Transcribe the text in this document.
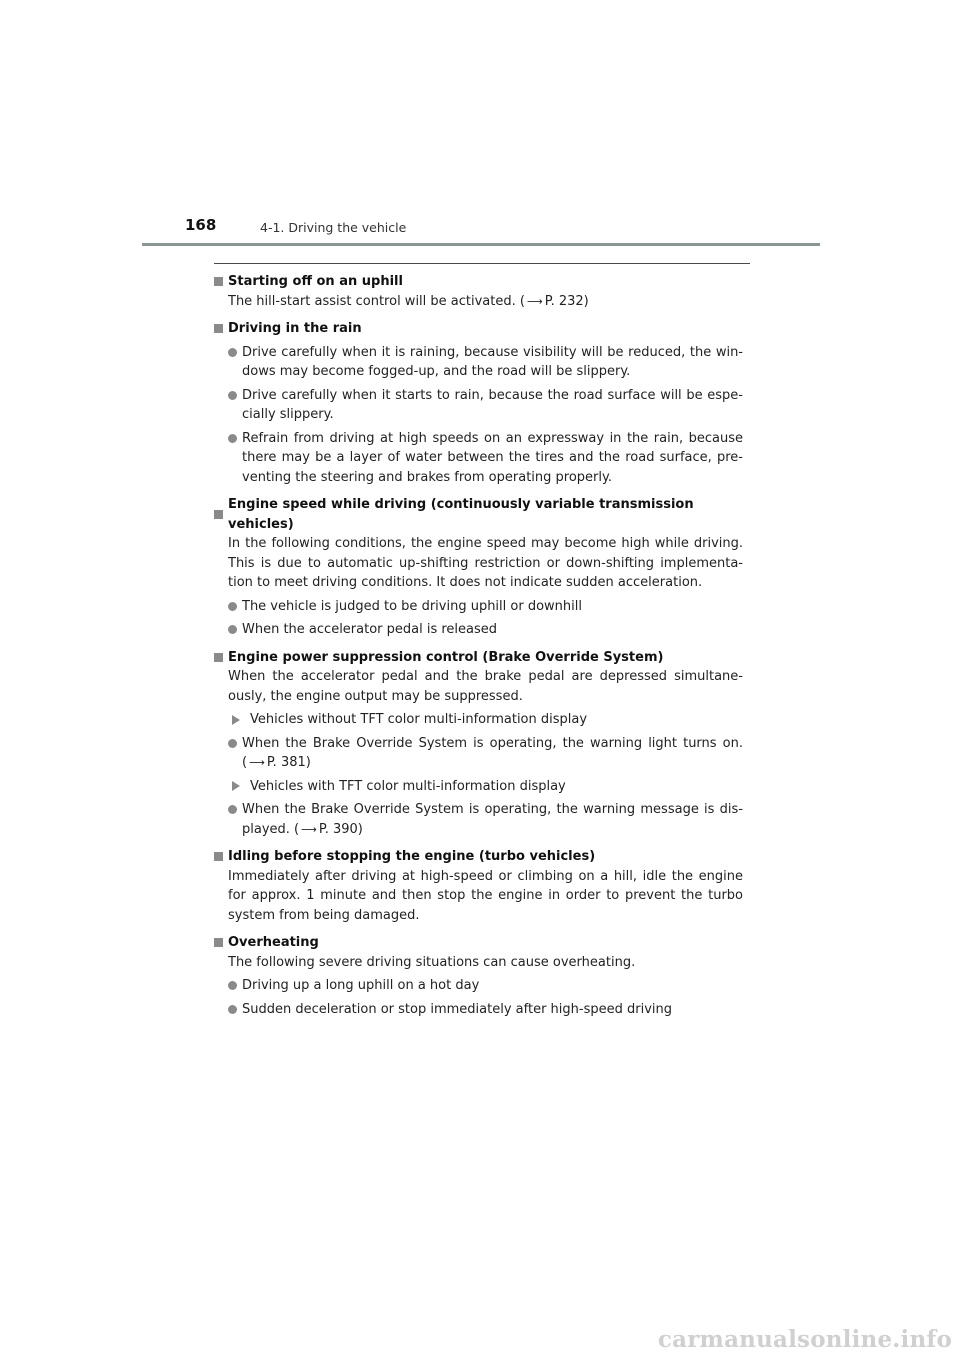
168	4-1. Driving the vehicle
Starting off on an uphill
The hill-start assist control will be activated. ( ⟶ P. 232)
Driving in the rain
Drive carefully when it is raining, because visibility will be reduced, the win-dows may become fogged-up, and the road will be slippery.
Drive carefully when it starts to rain, because the road surface will be espe-cially slippery.
Refrain from driving at high speeds on an expressway in the rain, because there may be a layer of water between the tires and the road surface, pre-venting the steering and brakes from operating properly.
Engine speed while driving (continuously variable transmission vehicles)
In the following conditions, the engine speed may become high while driving. This is due to automatic up-shifting restriction or down-shifting implementa-tion to meet driving conditions. It does not indicate sudden acceleration.
The vehicle is judged to be driving uphill or downhill
When the accelerator pedal is released
Engine power suppression control (Brake Override System)
When the accelerator pedal and the brake pedal are depressed simultane-ously, the engine output may be suppressed.
Vehicles without TFT color multi-information display
When the Brake Override System is operating, the warning light turns on. ( ⟶ P. 381)
Vehicles with TFT color multi-information display
When the Brake Override System is operating, the warning message is dis-played. ( ⟶ P. 390)
Idling before stopping the engine (turbo vehicles)
Immediately after driving at high-speed or climbing on a hill, idle the engine for approx. 1 minute and then stop the engine in order to prevent the turbo system from being damaged.
Overheating
The following severe driving situations can cause overheating.
Driving up a long uphill on a hot day
Sudden deceleration or stop immediately after high-speed driving
carmanualsonline.info
